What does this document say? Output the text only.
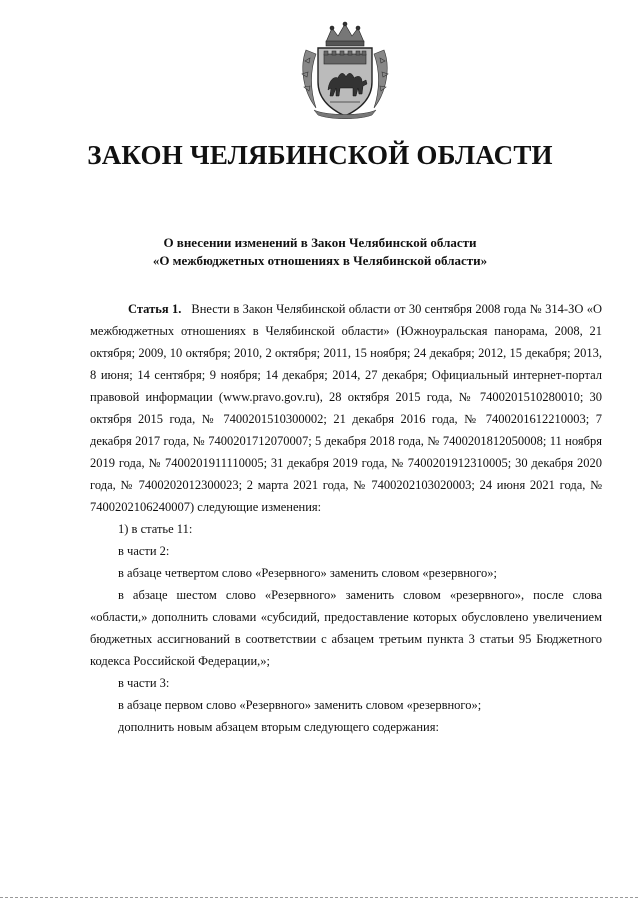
ЗАКОН ЧЕЛЯБИНСКОЙ ОБЛАСТИ
О внесении изменений в Закон Челябинской области
«О межбюджетных отношениях в Челябинской области»

Статья 1. Внести в Закон Челябинской области от 30 сентября 2008 года № 314-ЗО «О межбюджетных отношениях в Челябинской области» (Южноуральская панорама, 2008, 21 октября; 2009, 10 октября; 2010, 2 октября; 2011, 15 ноября; 24 декабря; 2012, 15 декабря; 2013, 8 июня; 14 сентября; 9 ноября; 14 декабря; 2014, 27 декабря; Официальный интернет-портал правовой информации (www.pravo.gov.ru), 28 октября 2015 года, № 7400201510280010; 30 октября 2015 года, № 7400201510300002; 21 декабря 2016 года, № 7400201612210003; 7 декабря 2017 года, № 7400201712070007; 5 декабря 2018 года, № 7400201812050008; 11 ноября 2019 года, № 7400201911110005; 31 декабря 2019 года, № 7400201912310005; 30 декабря 2020 года, № 7400202012300023; 2 марта 2021 года, № 7400202103020003; 24 июня 2021 года, № 7400202106240007) следующие изменения:

1) в статье 11:

в части 2:

в абзаце четвертом слово «Резервного» заменить словом «резервного»;

в абзаце шестом слово «Резервного» заменить словом «резервного», после слова «области,» дополнить словами «субсидий, предоставление которых обусловлено увеличением бюджетных ассигнований в соответствии с абзацем третьим пункта 3 статьи 95 Бюджетного кодекса Российской Федерации,»;

в части 3:

в абзаце первом слово «Резервного» заменить словом «резервного»;

дополнить новым абзацем вторым следующего содержания:
